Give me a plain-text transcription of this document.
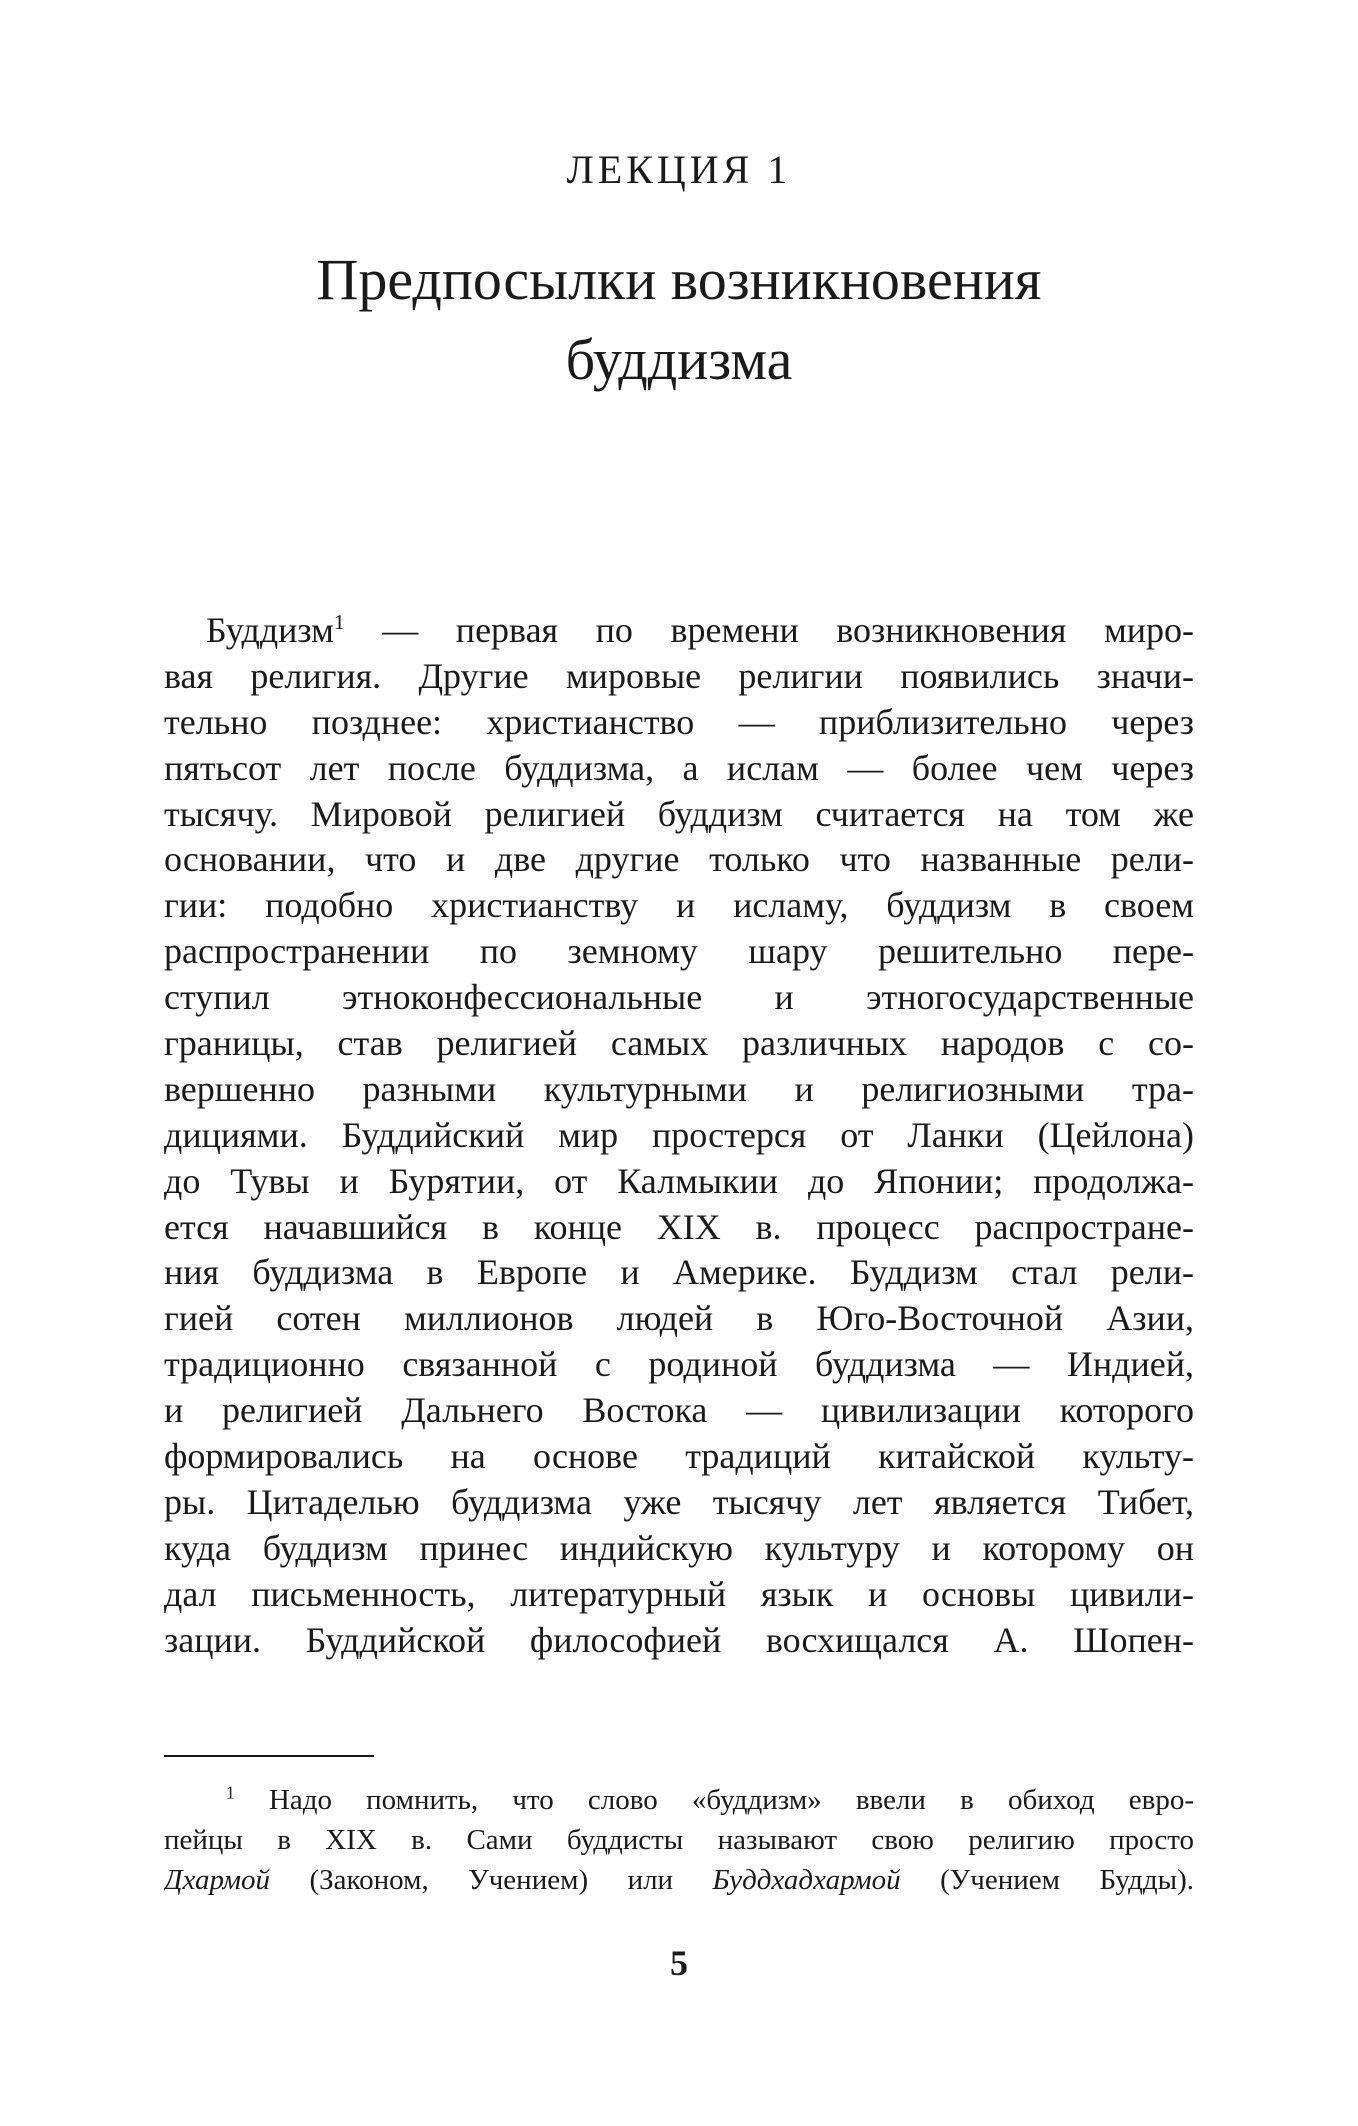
ЛЕКЦИЯ 1
Предпосылки возникновения
буддизма
Буддизм$^1$ — первая по времени возникновения миро-
вая религия. Другие мировые религии появились значи-
тельно позднее: христианство — приблизительно через
пятьсот лет после буддизма, а ислам — более чем через
тысячу. Мировой религией буддизм считается на том же
основании, что и две другие только что названные рели-
гии: подобно христианству и исламу, буддизм в своем
распространении по земному шару решительно пере-
ступил этноконфессиональные и этногосударственные
границы, став религией самых различных народов с со-
вершенно разными культурными и религиозными тра-
дициями. Буддийский мир простерся от Ланки (Цейлона)
до Тувы и Бурятии, от Калмыкии до Японии; продолжа-
ется начавшийся в конце XIX в. процесс распростране-
ния буддизма в Европе и Америке. Буддизм стал рели-
гией сотен миллионов людей в Юго-Восточной Азии,
традиционно связанной с родиной буддизма — Индией,
и религией Дальнего Востока — цивилизации которого
формировались на основе традиций китайской культу-
ры. Цитаделью буддизма уже тысячу лет является Тибет,
куда буддизм принес индийскую культуру и которому он
дал письменность, литературный язык и основы цивили-
зации. Буддийской философией восхищался А. Шопен-
$^1$ Надо помнить, что слово «буддизм» ввели в обиход евро-
пейцы в XIX в. Сами буддисты называют свою религию просто
Дхармой (Законом, Учением) или Буддхадхармой (Учением Будды).
5
